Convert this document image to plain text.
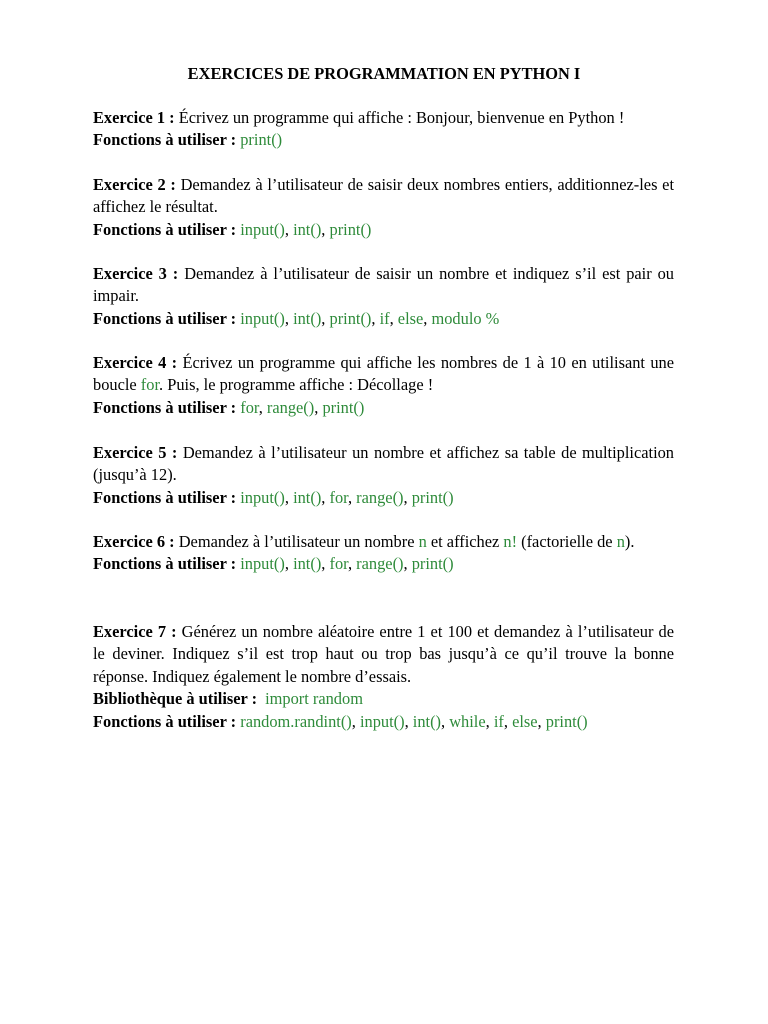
EXERCICES DE PROGRAMMATION EN PYTHON I

Exercice 1 : Écrivez un programme qui affiche : Bonjour, bienvenue en Python !

Fonctions à utiliser : print()

Exercice 2 : Demandez à l’utilisateur de saisir deux nombres entiers, additionnez-les et affichez le résultat.

Fonctions à utiliser : input(), int(), print()

Exercice 3 : Demandez à l’utilisateur de saisir un nombre et indiquez s’il est pair ou impair.

Fonctions à utiliser : input(), int(), print(), if, else, modulo %

Exercice 4 : Écrivez un programme qui affiche les nombres de 1 à 10 en utilisant une boucle for. Puis, le programme affiche : Décollage !

Fonctions à utiliser : for, range(), print()

Exercice 5 : Demandez à l’utilisateur un nombre et affichez sa table de multiplication (jusqu’à 12).

Fonctions à utiliser : input(), int(), for, range(), print()

Exercice 6 : Demandez à l’utilisateur un nombre n et affichez n! (factorielle de n).

Fonctions à utiliser : input(), int(), for, range(), print()

Exercice 7 : Générez un nombre aléatoire entre 1 et 100 et demandez à l’utilisateur de le deviner. Indiquez s’il est trop haut ou trop bas jusqu’à ce qu’il trouve la bonne réponse. Indiquez également le nombre d’essais.

Bibliothèque à utiliser : import random

Fonctions à utiliser : random.randint(), input(), int(), while, if, else, print()
